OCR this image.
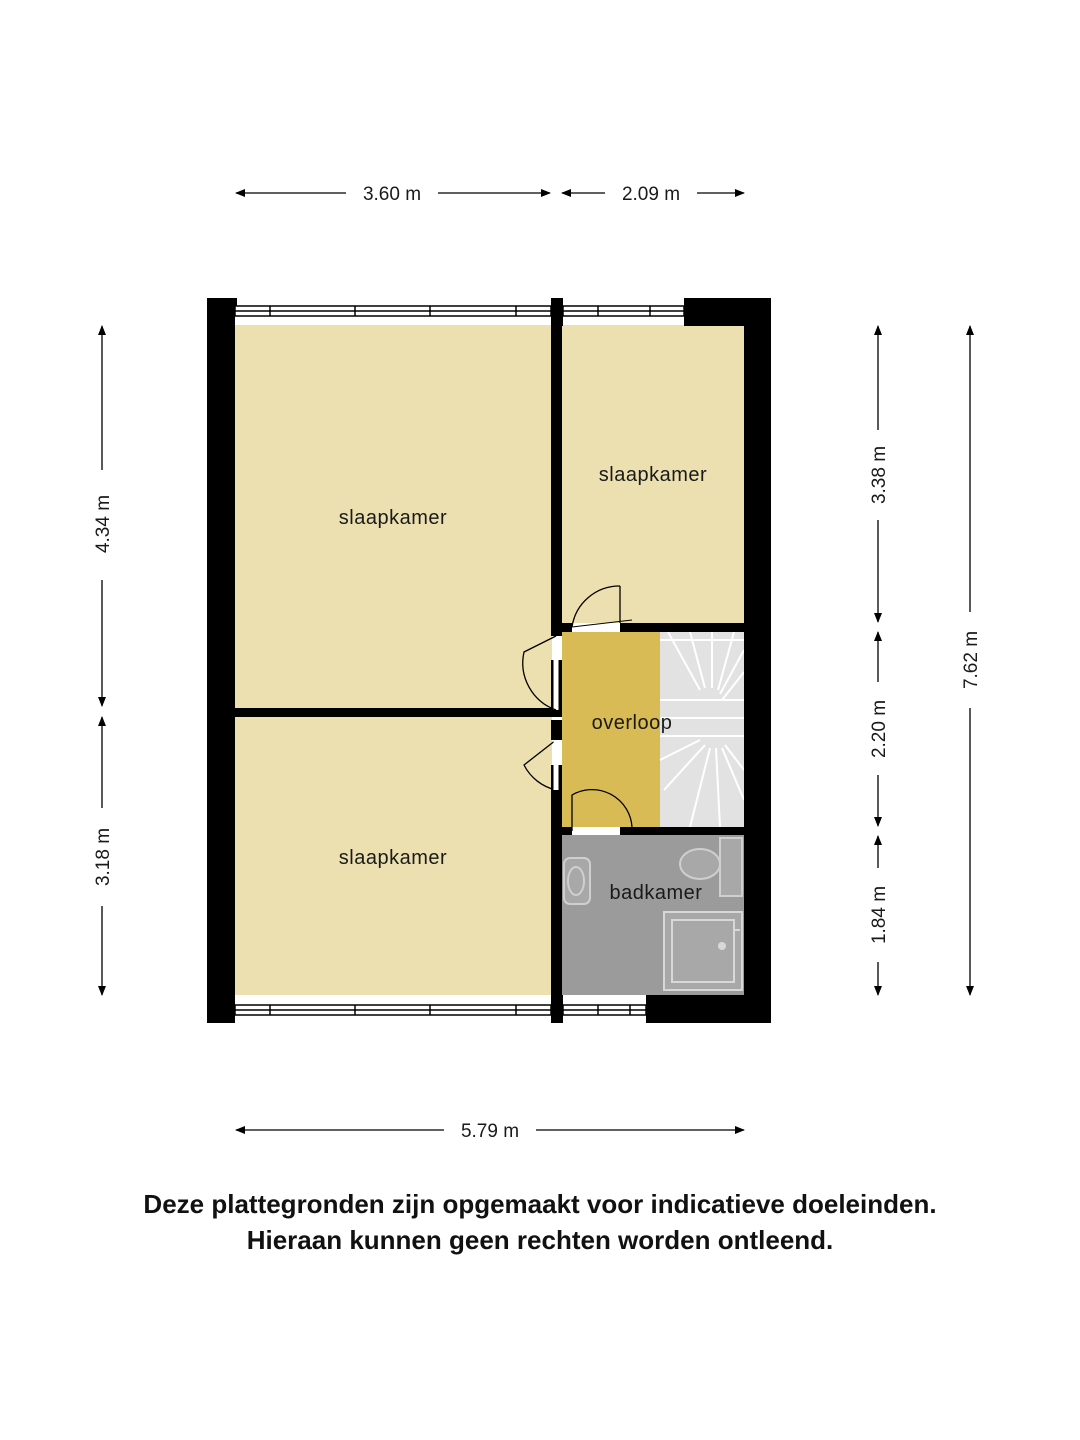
slaapkamer
slaapkamer
slaapkamer
overloop
badkamer
3.60 m	2.09 m
5.79 m
4.34 m
3.18 m
3.38 m
2.20 m
1.84 m
7.62 m
Deze plattegronden zijn opgemaakt voor indicatieve doeleinden.
Hieraan kunnen geen rechten worden ontleend.
